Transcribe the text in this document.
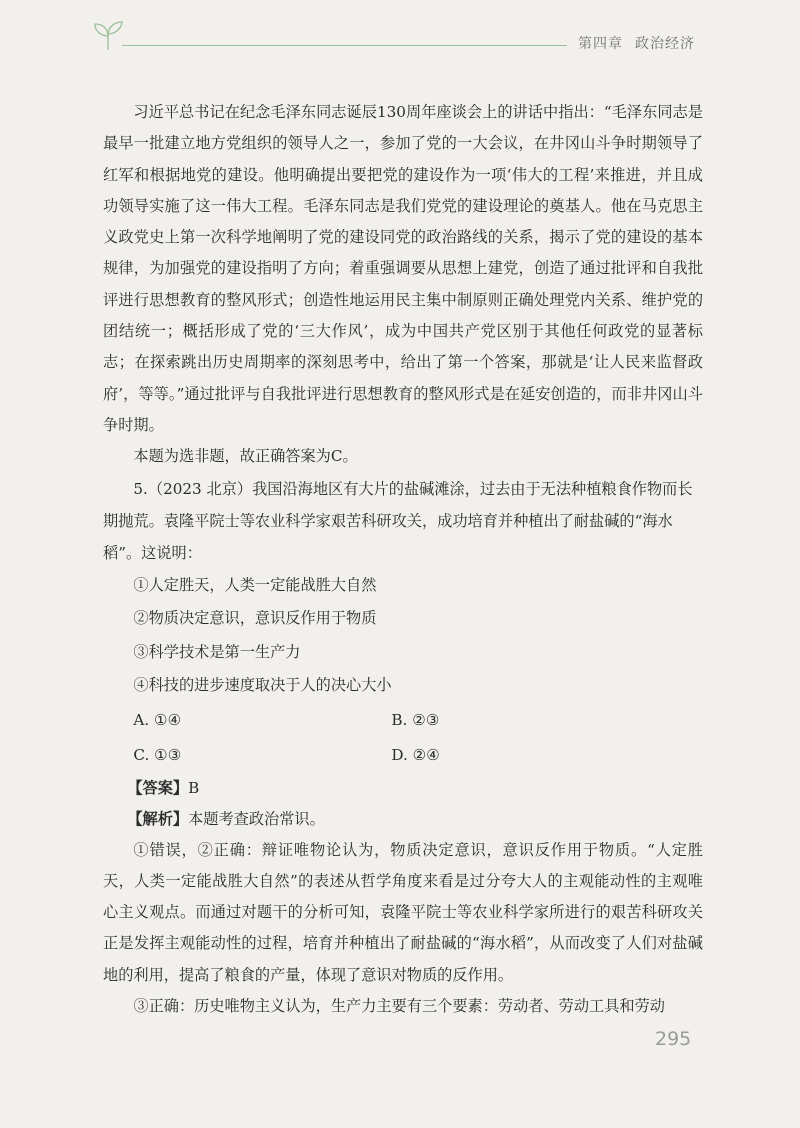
第四章 政治经济

习近平总书记在纪念毛泽东同志诞辰130周年座谈会上的讲话中指出：“毛泽东同志是最早一批建立地方党组织的领导人之一，参加了党的一大会议，在井冈山斗争时期领导了红军和根据地党的建设。他明确提出要把党的建设作为一项‘伟大的工程’来推进，并且成功领导实施了这一伟大工程。毛泽东同志是我们党党的建设理论的奠基人。他在马克思主义政党史上第一次科学地阐明了党的建设同党的政治路线的关系，揭示了党的建设的基本规律，为加强党的建设指明了方向；着重强调要从思想上建党，创造了通过批评和自我批评进行思想教育的整风形式；创造性地运用民主集中制原则正确处理党内关系、维护党的团结统一；概括形成了党的‘三大作风’，成为中国共产党区别于其他任何政党的显著标志；在探索跳出历史周期率的深刻思考中，给出了第一个答案，那就是‘让人民来监督政府’，等等。”通过批评与自我批评进行思想教育的整风形式是在延安创造的，而非井冈山斗争时期。

本题为选非题，故正确答案为C。

5.（2023 北京）我国沿海地区有大片的盐碱滩涂，过去由于无法种植粮食作物而长期抛荒。袁隆平院士等农业科学家艰苦科研攻关，成功培育并种植出了耐盐碱的“海水稻”。这说明：

①人定胜天，人类一定能战胜大自然

②物质决定意识，意识反作用于物质

③科学技术是第一生产力

④科技的进步速度取决于人的决心大小

A. ①④	B. ②③
C. ①③	D. ②④

【答案】B

【解析】本题考查政治常识。

①错误，②正确：辩证唯物论认为，物质决定意识，意识反作用于物质。“人定胜天，人类一定能战胜大自然”的表述从哲学角度来看是过分夸大人的主观能动性的主观唯心主义观点。而通过对题干的分析可知，袁隆平院士等农业科学家所进行的艰苦科研攻关正是发挥主观能动性的过程，培育并种植出了耐盐碱的“海水稻”，从而改变了人们对盐碱地的利用，提高了粮食的产量，体现了意识对物质的反作用。

③正确：历史唯物主义认为，生产力主要有三个要素：劳动者、劳动工具和劳动

295
